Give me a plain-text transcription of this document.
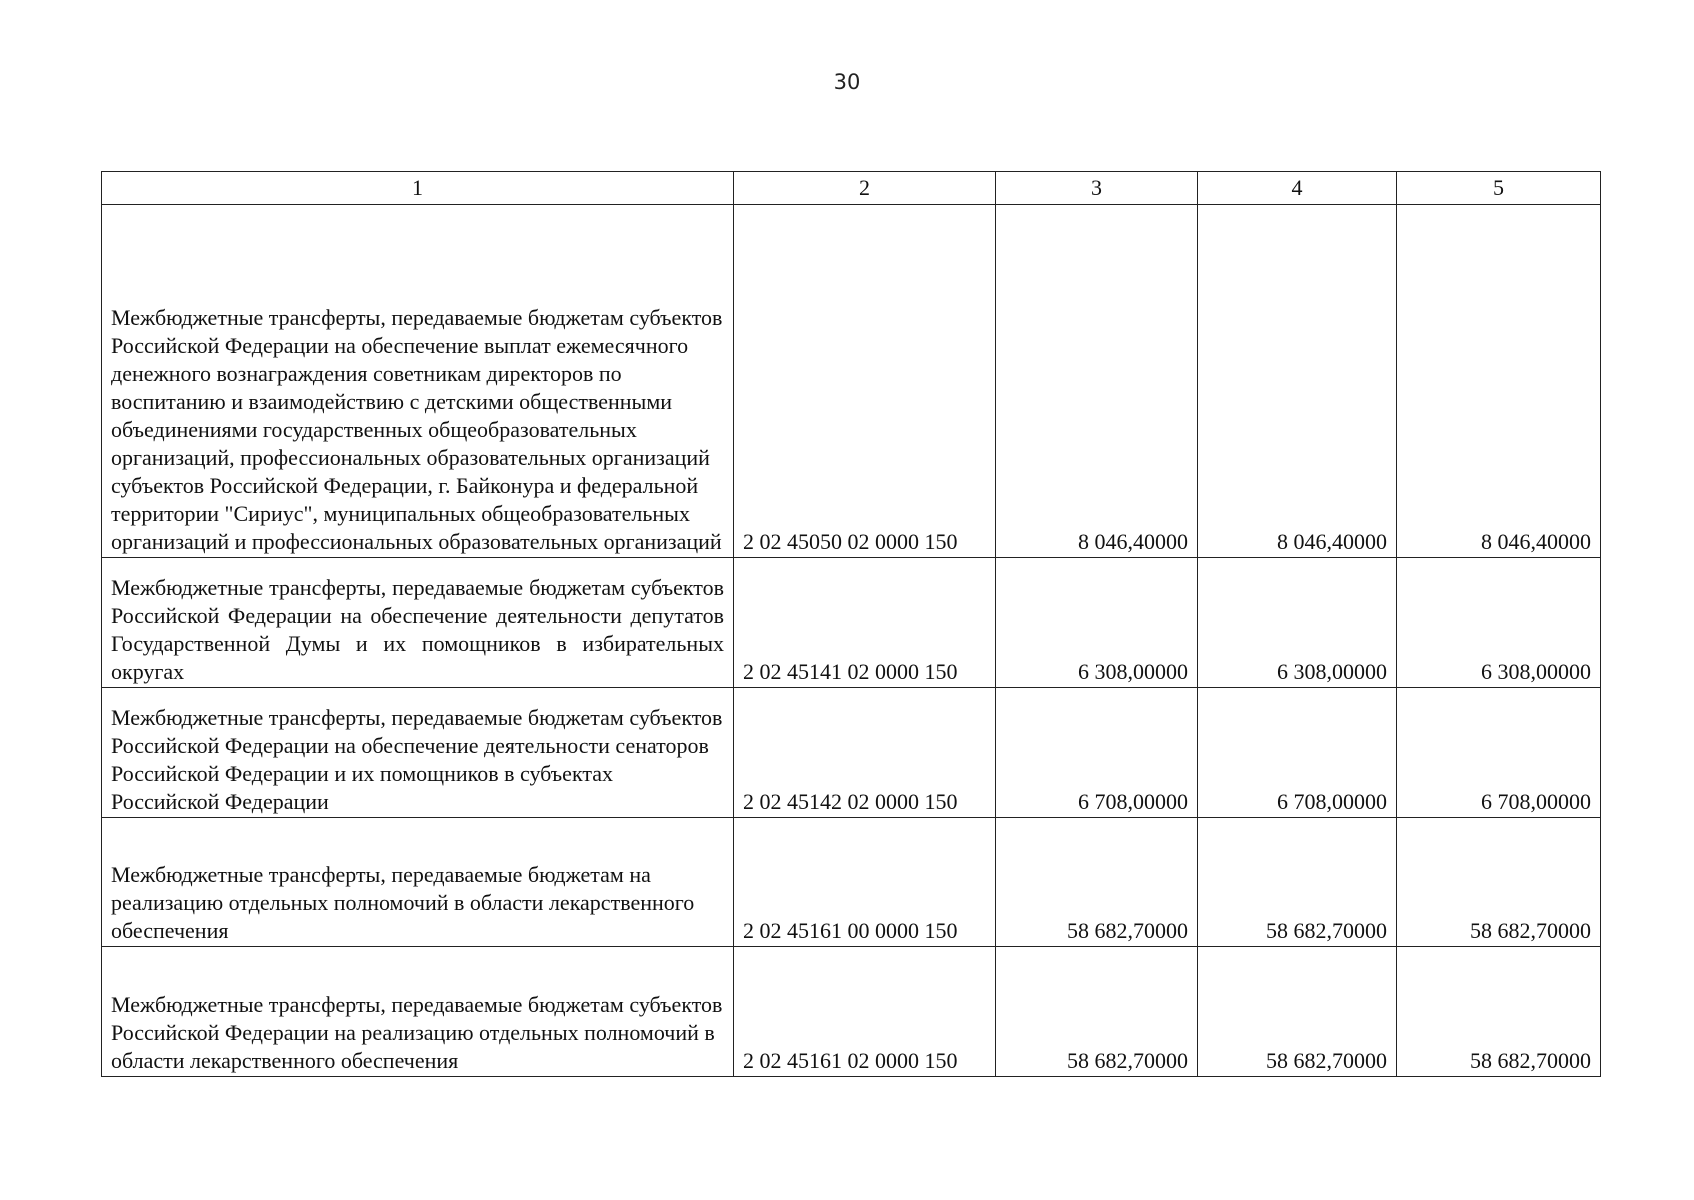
30
1	2	3	4	5
Межбюджетные трансферты, передаваемые бюджетам субъектов Российской Федерации на обеспечение выплат ежемесячного денежного вознаграждения советникам директоров по воспитанию и взаимодействию с детскими общественными объединениями государственных общеобразовательных организаций, профессиональных образовательных организаций субъектов Российской Федерации, г. Байконура и федеральной территории "Сириус", муниципальных общеобразовательных организаций и профессиональных образовательных организаций	2 02 45050 02 0000 150	8 046,40000	8 046,40000	8 046,40000
Межбюджетные трансферты, передаваемые бюджетам субъектов Российской Федерации на обеспечение деятельности депутатов Государственной Думы и их помощников в избирательных округах	2 02 45141 02 0000 150	6 308,00000	6 308,00000	6 308,00000
Межбюджетные трансферты, передаваемые бюджетам субъектов Российской Федерации на обеспечение деятельности сенаторов Российской Федерации и их помощников в субъектах Российской Федерации	2 02 45142 02 0000 150	6 708,00000	6 708,00000	6 708,00000
Межбюджетные трансферты, передаваемые бюджетам на реализацию отдельных полномочий в области лекарственного обеспечения	2 02 45161 00 0000 150	58 682,70000	58 682,70000	58 682,70000
Межбюджетные трансферты, передаваемые бюджетам субъектов Российской Федерации на реализацию отдельных полномочий в области лекарственного обеспечения	2 02 45161 02 0000 150	58 682,70000	58 682,70000	58 682,70000
